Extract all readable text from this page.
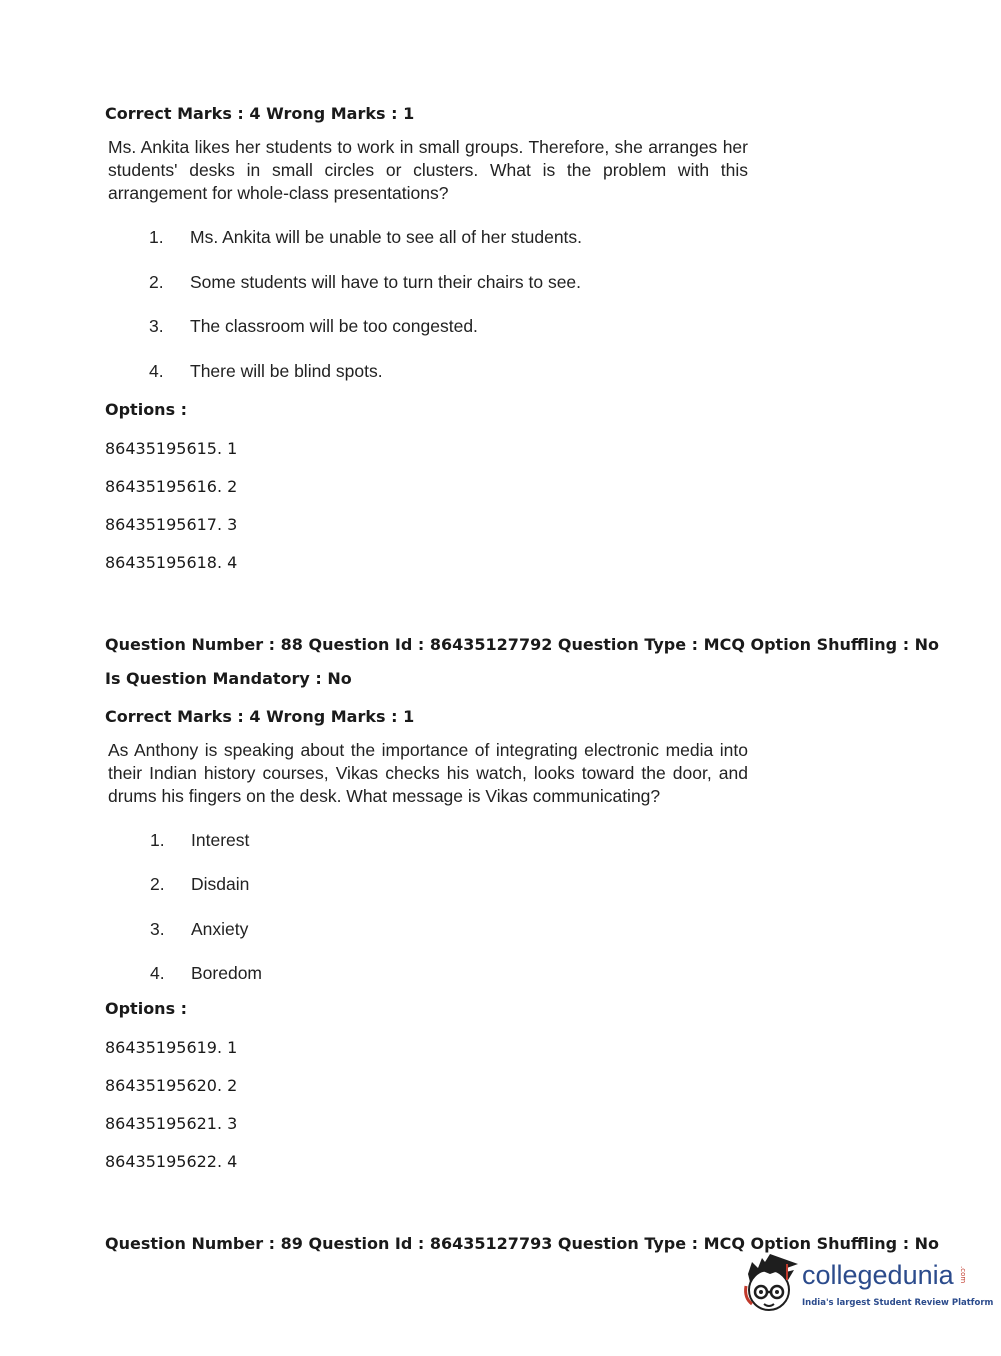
Correct Marks : 4 Wrong Marks : 1
Ms. Ankita likes her students to work in small groups. Therefore, she arranges her students' desks in small circles or clusters. What is the problem with this arrangement for whole-class presentations?
1. Ms. Ankita will be unable to see all of her students.
2. Some students will have to turn their chairs to see.
3. The classroom will be too congested.
4. There will be blind spots.
Options :
86435195615. 1
86435195616. 2
86435195617. 3
86435195618. 4
Question Number : 88 Question Id : 86435127792 Question Type : MCQ Option Shuffling : No
Is Question Mandatory : No
Correct Marks : 4 Wrong Marks : 1
As Anthony is speaking about the importance of integrating electronic media into their Indian history courses, Vikas checks his watch, looks toward the door, and drums his fingers on the desk. What message is Vikas communicating?
1. Interest
2. Disdain
3. Anxiety
4. Boredom
Options :
86435195619. 1
86435195620. 2
86435195621. 3
86435195622. 4
Question Number : 89 Question Id : 86435127793 Question Type : MCQ Option Shuffling : No
collegedunia .com
India's largest Student Review Platform
